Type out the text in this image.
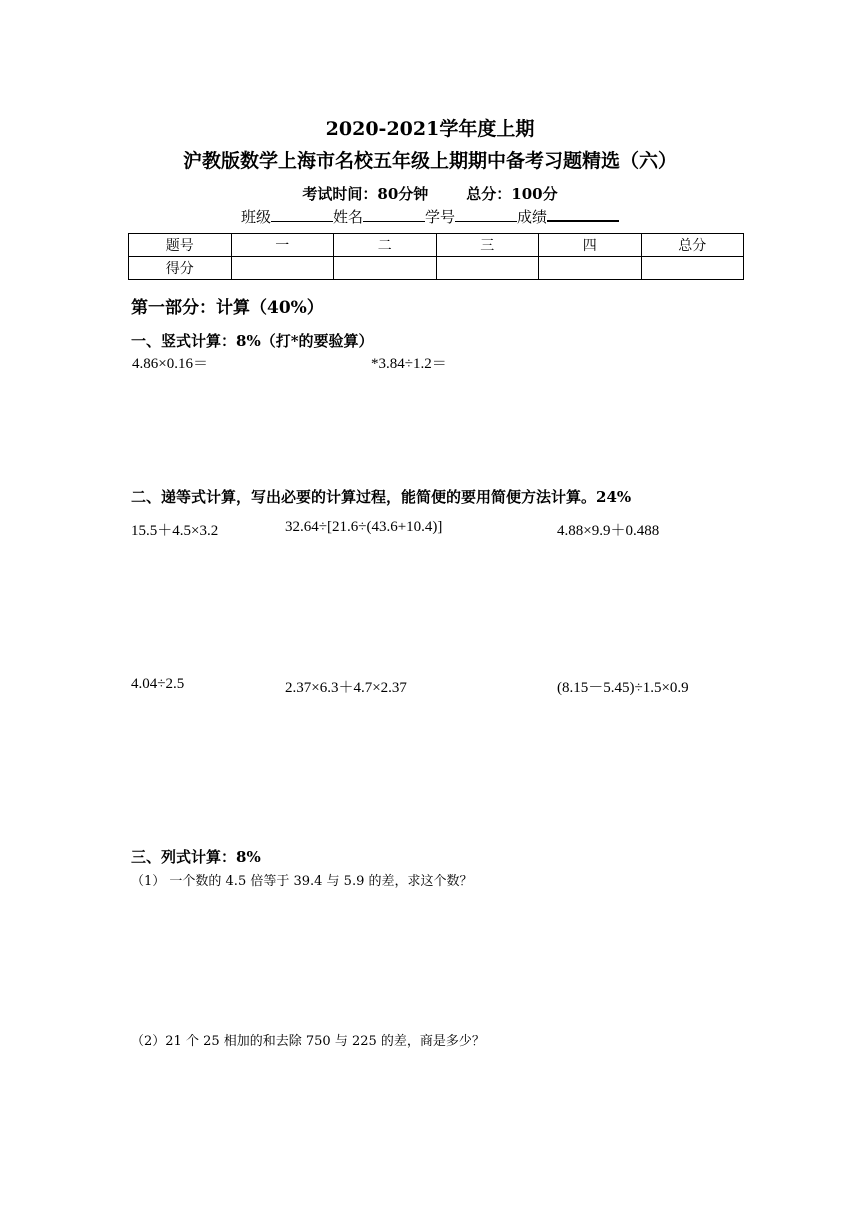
2020-2021学年度上期
沪教版数学上海市名校五年级上期期中备考习题精选（六）
考试时间：80分钟	总分：100分
班级	姓名	学号	成绩
题号	一	二	三	四	总分
得分					
第一部分：计算（40%）
一、竖式计算：8%（打*的要验算）
4.86×0.16＝	*3.84÷1.2＝
二、递等式计算，写出必要的计算过程，能简便的要用简便方法计算。24%
15.5＋4.5×3.2	32.64÷[21.6÷(43.6+10.4)]	4.88×9.9＋0.488
4.04÷2.5	2.37×6.3＋4.7×2.37	(8.15－5.45)÷1.5×0.9
三、列式计算：8%
（1） 一个数的 4.5 倍等于 39.4 与 5.9 的差，求这个数？
（2）21 个 25 相加的和去除 750 与 225 的差，商是多少？
